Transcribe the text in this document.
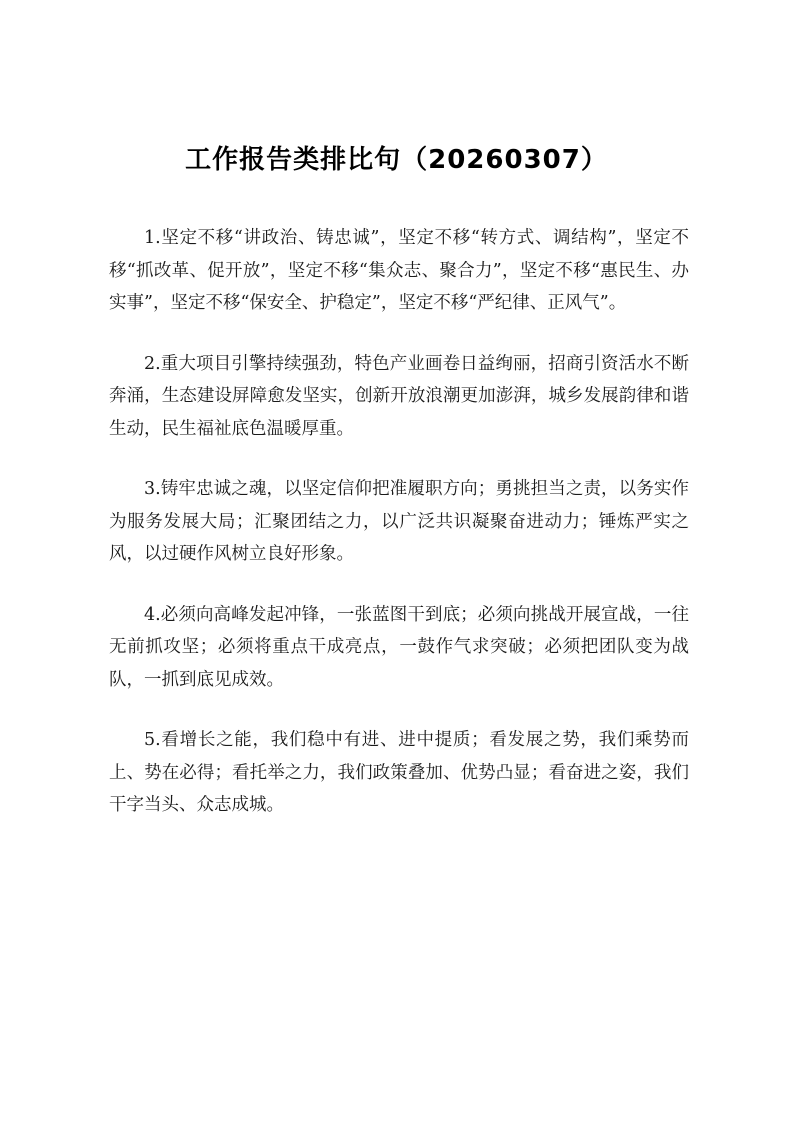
工作报告类排比句（20260307）

1.坚定不移“讲政治、铸忠诚”，坚定不移“转方式、调结构”，坚定不移“抓改革、促开放”，坚定不移“集众志、聚合力”，坚定不移“惠民生、办实事”，坚定不移“保安全、护稳定”，坚定不移“严纪律、正风气”。

2.重大项目引擎持续强劲，特色产业画卷日益绚丽，招商引资活水不断奔涌，生态建设屏障愈发坚实，创新开放浪潮更加澎湃，城乡发展韵律和谐生动，民生福祉底色温暖厚重。

3.铸牢忠诚之魂，以坚定信仰把准履职方向；勇挑担当之责，以务实作为服务发展大局；汇聚团结之力，以广泛共识凝聚奋进动力；锤炼严实之风，以过硬作风树立良好形象。

4.必须向高峰发起冲锋，一张蓝图干到底；必须向挑战开展宣战，一往无前抓攻坚；必须将重点干成亮点，一鼓作气求突破；必须把团队变为战队，一抓到底见成效。

5.看增长之能，我们稳中有进、进中提质；看发展之势，我们乘势而上、势在必得；看托举之力，我们政策叠加、优势凸显；看奋进之姿，我们干字当头、众志成城。
